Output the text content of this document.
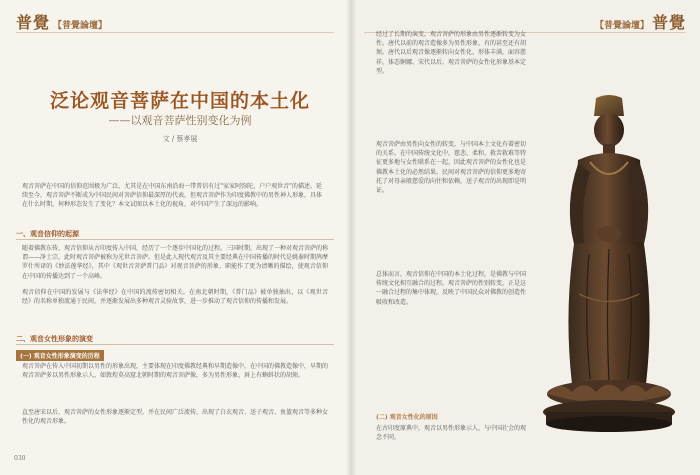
普覺 【普覺論壇】
泛论观音菩萨在中国的本土化
——以观音菩萨性别变化为例
文 / 蔡孝展
观音菩萨在中国的信仰范围极为广泛，尤其是在中国东南沿海一带普信有过"家家阿弥陀，户户观世音"的描述。延续至今，观音菩萨不断成为中国民间对菩萨信仰最深厚的代表，但观音菩萨作为印度佛教中的男性神人形象，具体在什么时期，何种形态发生了变化？本文试图以本土化的视角，对中国产生了深远的影响。
一、观音信仰的起源
随着佛教东传，观音信仰从古印度传入中国，经历了一个逐步中国化的过程。三国时期，出现了一种对观音菩萨的称谓——净土宗，此时观音菩萨被称为光世音菩萨。但是此人现代观音及其主要经典在中国传播的时代是姚秦时期鸠摩罗什所译的《妙法莲华经》，其中《观世音菩萨普门品》对观音菩萨的形象、职能作了更为清晰的描绘，使观音信仰在中国的传播达到了一个高峰。
观音信仰在中国的发展与《法华经》在中国的流传密切相关。在南北朝时期，《普门品》被单独抽出，以《观世音经》的名称单独流通于民间，并逐渐发展出多种观音灵验故事，进一步推动了观音信仰的传播和发展。
二、观音女性形象的演变
(一) 观音女性形象演变的历程
观音菩萨在传入中国初期以男性的形象出现，主要体现在印度佛教经典和早期造像中，在中国的佛教造像中，早期的观音菩萨多以男性形象示人，如敦煌莫高窟北朝时期的观音菩萨像，多为男性形象，唇上有蝌蚪状的胡须。
直至唐宋以后，观音菩萨的女性形象逐渐定型，并在民间广泛流传，出现了白衣观音、送子观音、鱼篮观音等多种女性化的观音形象。
030
【普覺論壇】 普覺
经过了长期的演变，观音菩萨的形象由男性逐渐转变为女性。唐代以前的观音造像多为男性形象，有的甚至还有胡须。唐代以后观音像逐渐转向女性化，形体丰满，面容慈祥，体态婀娜。宋代以后，观音菩萨的女性化形象基本定型。
观音菩萨由男性向女性的转变，与中国本土文化有着密切的关系。在中国传统文化中，慈悲、柔和、救苦救难等特征更多地与女性联系在一起，因此观音菩萨的女性化也是佛教本土化的必然结果。民间对观音菩萨的信仰更多地寄托了对母亲般慈爱的向往和依赖，送子观音的出现即是明证。
总体而言，观音信仰在中国的本土化过程，是佛教与中国传统文化相互融合的过程。观音菩萨的性别转变，正是这一融合过程的集中体现，反映了中国民众对佛教的创造性吸收和改造。
(二) 观音女性化的原因
在古印度原典中，观音以男性形象示人，与中国社会的观念不同。
